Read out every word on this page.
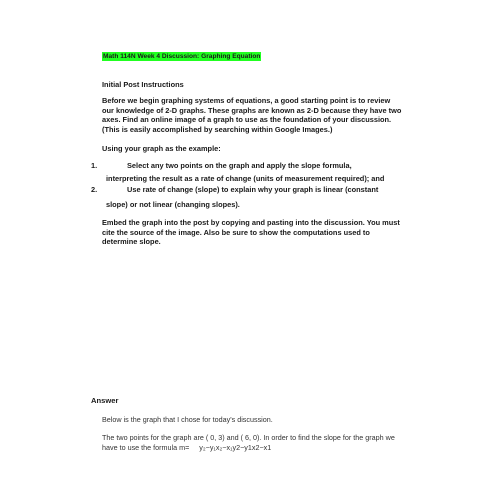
Math 114N Week 4 Discussion: Graphing Equation
Initial Post Instructions
Before we begin graphing systems of equations, a good starting point is to review our knowledge of 2-D graphs. These graphs are known as 2-D because they have two axes. Find an online image of a graph to use as the foundation of your discussion. (This is easily accomplished by searching within Google Images.)
Using your graph as the example:
1.	Select any two points on the graph and apply the slope formula,
interpreting the result as a rate of change (units of measurement required); and
2.	Use rate of change (slope) to explain why your graph is linear (constant
slope) or not linear (changing slopes).
Embed the graph into the post by copying and pasting into the discussion. You must cite the source of the image. Also be sure to show the computations used to determine slope.
Answer
Below is the graph that I chose for today's discussion.
The two points for the graph are ( 0, 3) and ( 6, 0). In order to find the slope for the graph we have to use the formula m= y₂−y₁x₂−x₁y2−y1x2−x1
